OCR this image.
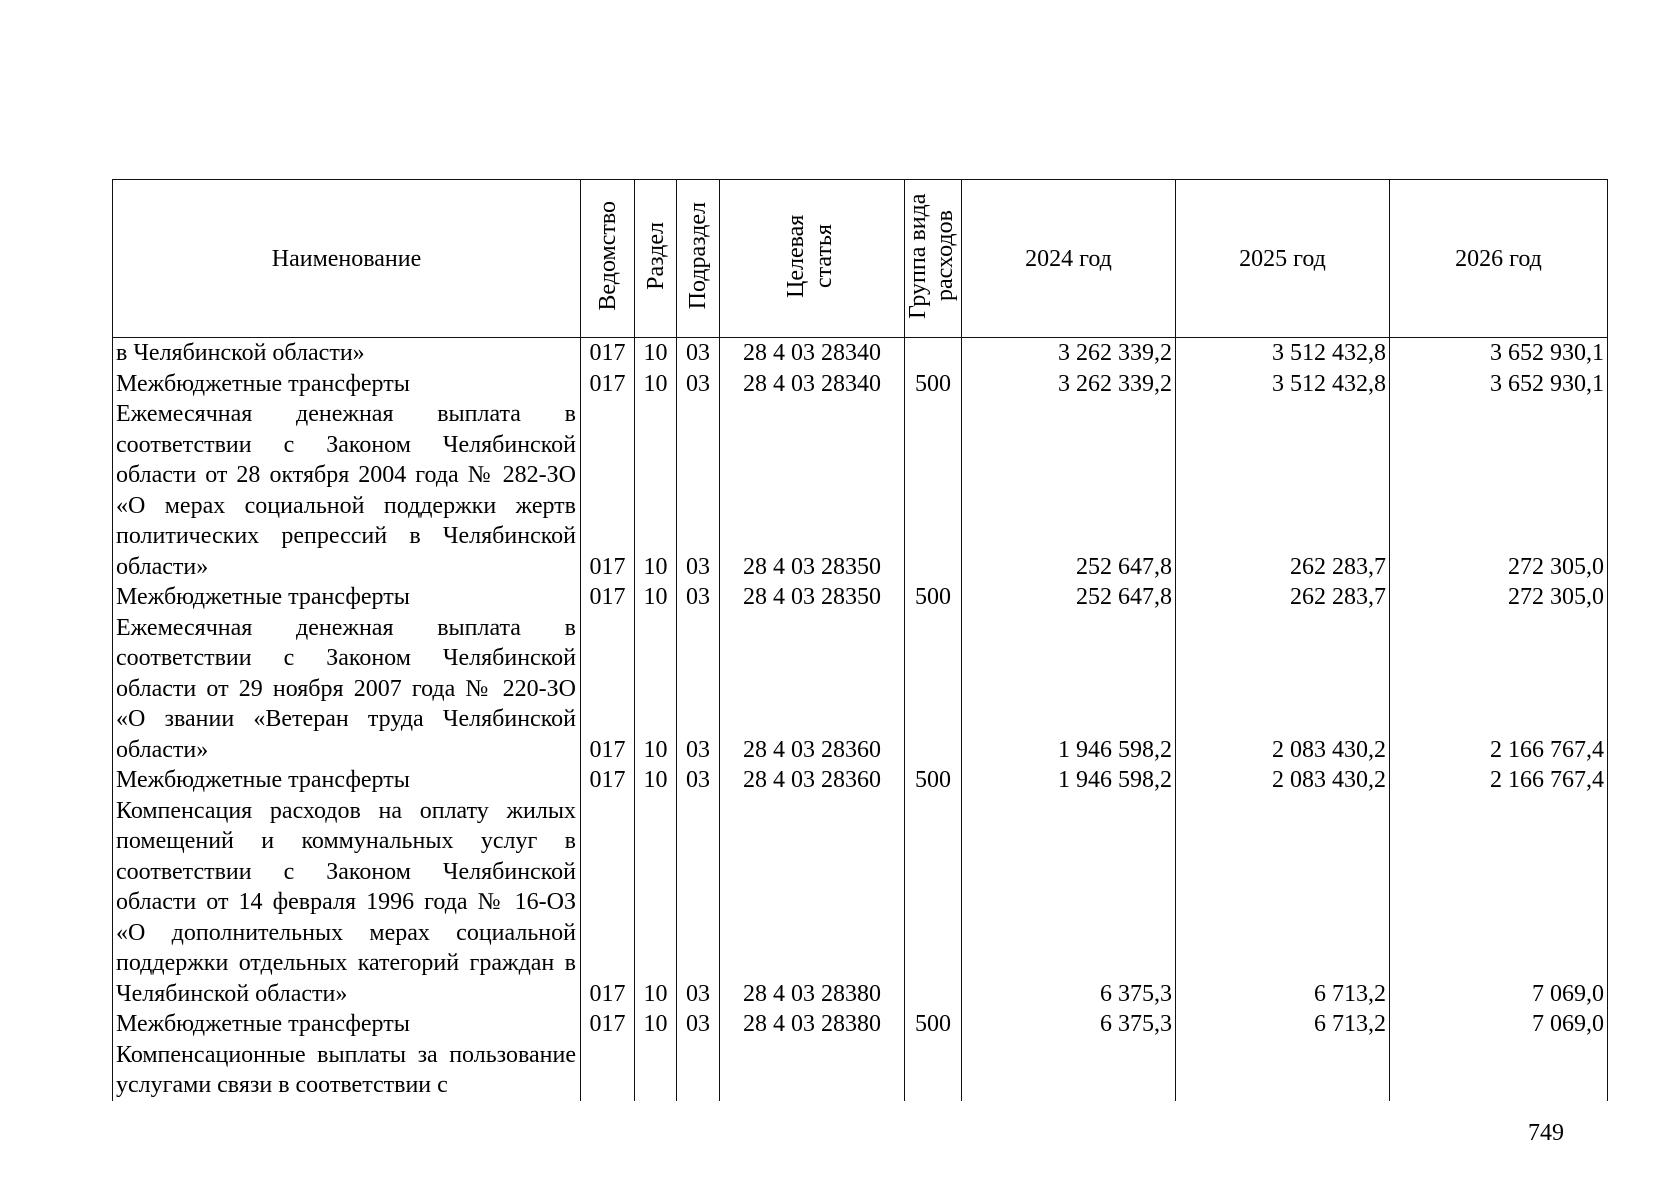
Наименование	Ведомство	Раздел	Подраздел	Целевая статья	Группа вида расходов	2024 год	2025 год	2026 год
в Челябинской области»	017	10	03	28 4 03 28340		3 262 339,2	3 512 432,8	3 652 930,1
Межбюджетные трансферты	017	10	03	28 4 03 28340	500	3 262 339,2	3 512 432,8	3 652 930,1
Ежемесячная денежная выплата в соответствии с Законом Челябинской области от 28 октября 2004 года № 282-ЗО «О мерах социальной поддержки жертв политических репрессий в Челябинской области»	017	10	03	28 4 03 28350		252 647,8	262 283,7	272 305,0
Межбюджетные трансферты	017	10	03	28 4 03 28350	500	252 647,8	262 283,7	272 305,0
Ежемесячная денежная выплата в соответствии с Законом Челябинской области от 29 ноября 2007 года № 220-ЗО «О звании «Ветеран труда Челябинской области»	017	10	03	28 4 03 28360		1 946 598,2	2 083 430,2	2 166 767,4
Межбюджетные трансферты	017	10	03	28 4 03 28360	500	1 946 598,2	2 083 430,2	2 166 767,4
Компенсация расходов на оплату жилых помещений и коммунальных услуг в соответствии с Законом Челябинской области от 14 февраля 1996 года № 16-ОЗ «О дополнительных мерах социальной поддержки отдельных категорий граждан в Челябинской области»	017	10	03	28 4 03 28380		6 375,3	6 713,2	7 069,0
Межбюджетные трансферты	017	10	03	28 4 03 28380	500	6 375,3	6 713,2	7 069,0
Компенсационные выплаты за пользование услугами связи в соответствии с								
749
